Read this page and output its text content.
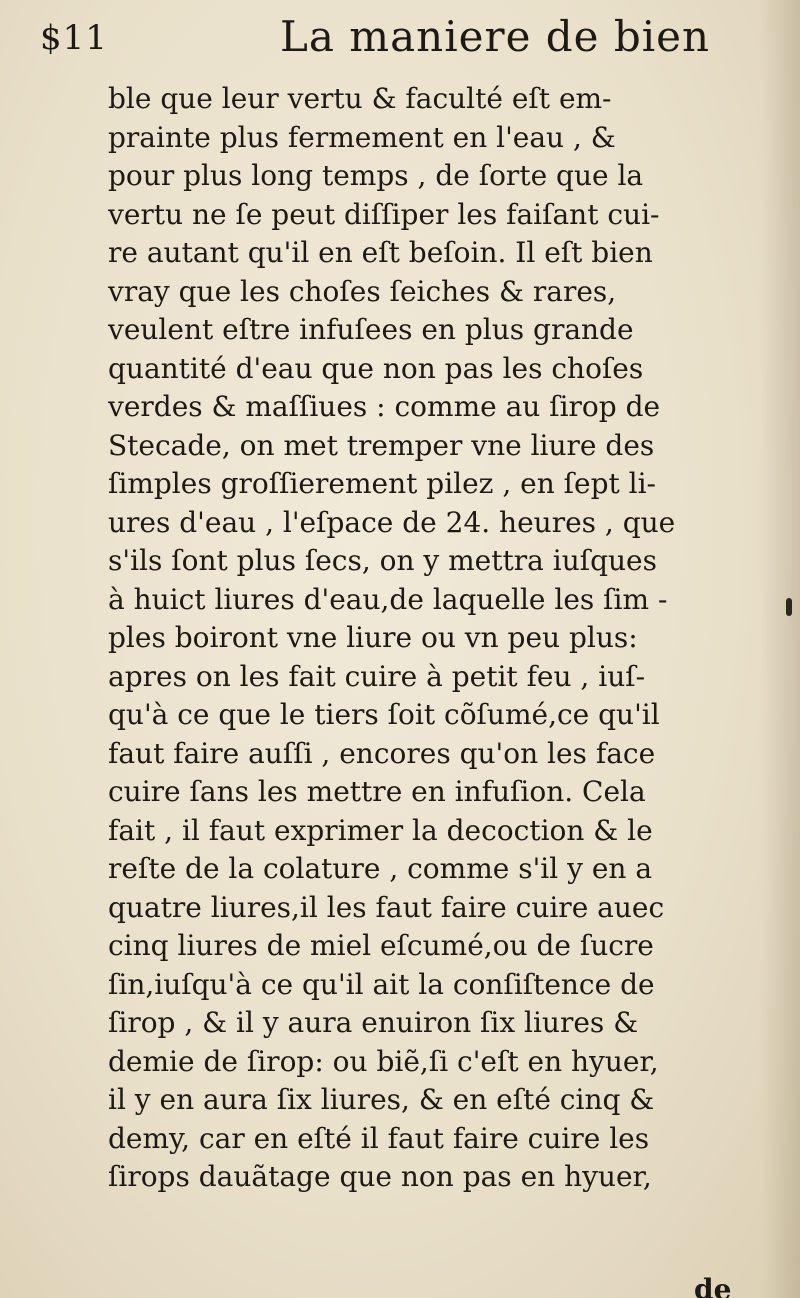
$11	La maniere de bien
ble que leur vertu & faculté eſt em-
prainte plus fermement en l'eau , &
pour plus long temps , de ſorte que la
vertu ne ſe peut diſſiper les faiſant cui-
re autant qu'il en eſt beſoin. Il eſt bien
vray que les choſes ſeiches & rares,
veulent eſtre infuſees en plus grande
quantité d'eau que non pas les choſes
verdes & maſſiues : comme au ſirop de
Stecade, on met tremper vne liure des
ſimples groſſierement pilez , en ſept li-
ures d'eau , l'eſpace de 24. heures , que
s'ils ſont plus ſecs, on y mettra iuſques
à huict liures d'eau,de laquelle les ſim -
ples boiront vne liure ou vn peu plus:
apres on les fait cuire à petit feu , iuſ-
qu'à ce que le tiers ſoit cõſumé,ce qu'il
faut faire auſſi , encores qu'on les face
cuire ſans les mettre en infuſion. Cela
fait , il faut exprimer la decoction & le
reſte de la colature , comme s'il y en a
quatre liures,il les faut faire cuire auec
cinq liures de miel eſcumé,ou de ſucre
ſin,iuſqu'à ce qu'il ait la conſiſtence de
ſirop , & il y aura enuiron ſix liures &
demie de ſirop: ou biẽ,ſi c'eſt en hyuer,
il y en aura ſix liures, & en eſté cinq &
demy, car en eſté il faut faire cuire les
ſirops dauãtage que non pas en hyuer,
de
